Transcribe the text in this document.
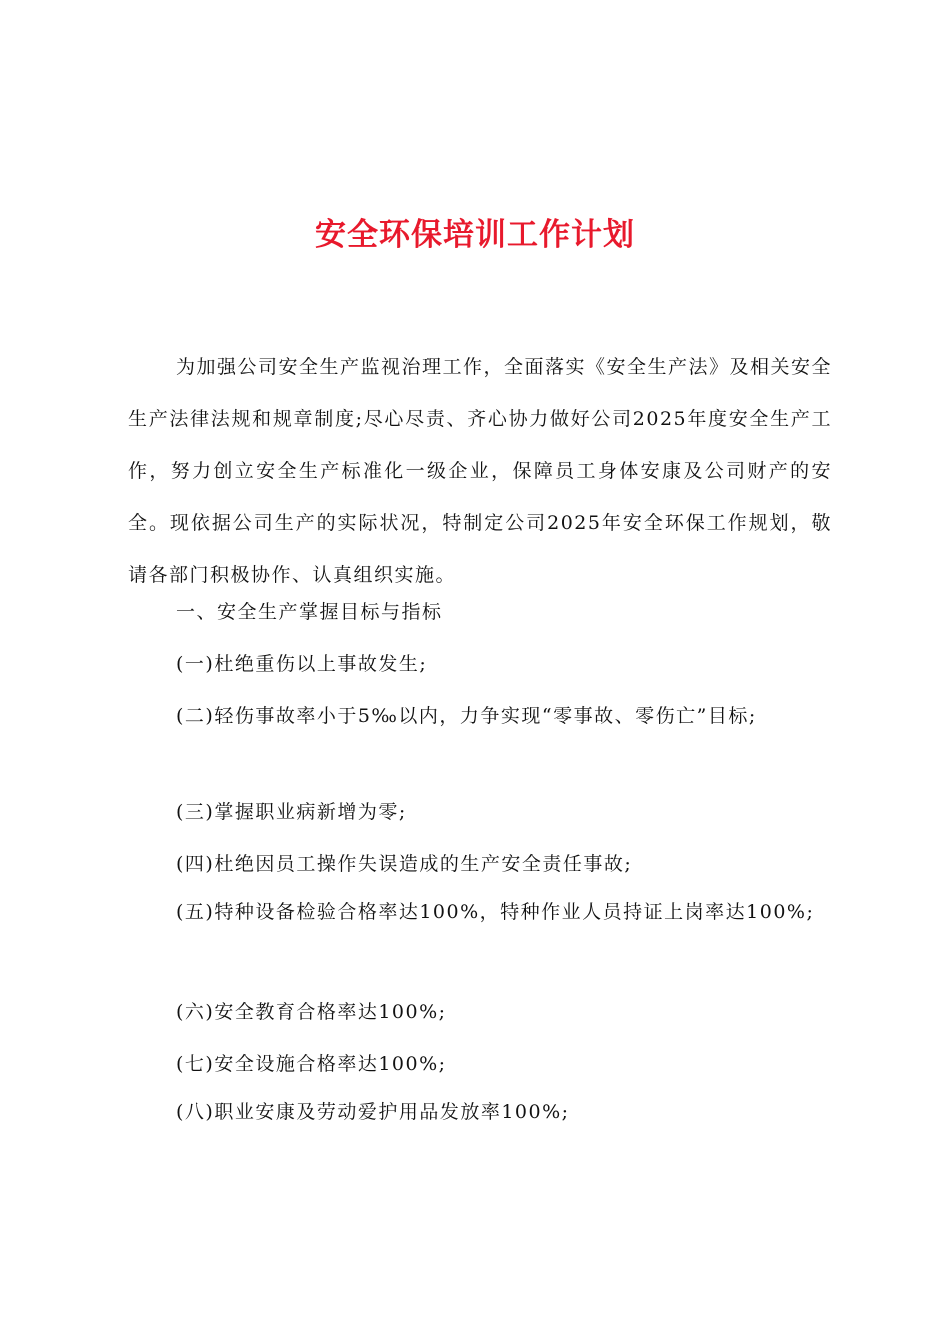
安全环保培训工作计划
为加强公司安全生产监视治理工作，全面落实《安全生产法》及相关安全生产法律法规和规章制度;尽心尽责、齐心协力做好公司2025年度安全生产工作，努力创立安全生产标准化一级企业，保障员工身体安康及公司财产的安全。现依据公司生产的实际状况，特制定公司2025年安全环保工作规划，敬请各部门积极协作、认真组织实施。
一、安全生产掌握目标与指标
(一)杜绝重伤以上事故发生;
(二)轻伤事故率小于5‰以内，力争实现“零事故、零伤亡”目标;
(三)掌握职业病新增为零;
(四)杜绝因员工操作失误造成的生产安全责任事故;
(五)特种设备检验合格率达100%，特种作业人员持证上岗率达100%;
(六)安全教育合格率达100%;
(七)安全设施合格率达100%;
(八)职业安康及劳动爱护用品发放率100%;
